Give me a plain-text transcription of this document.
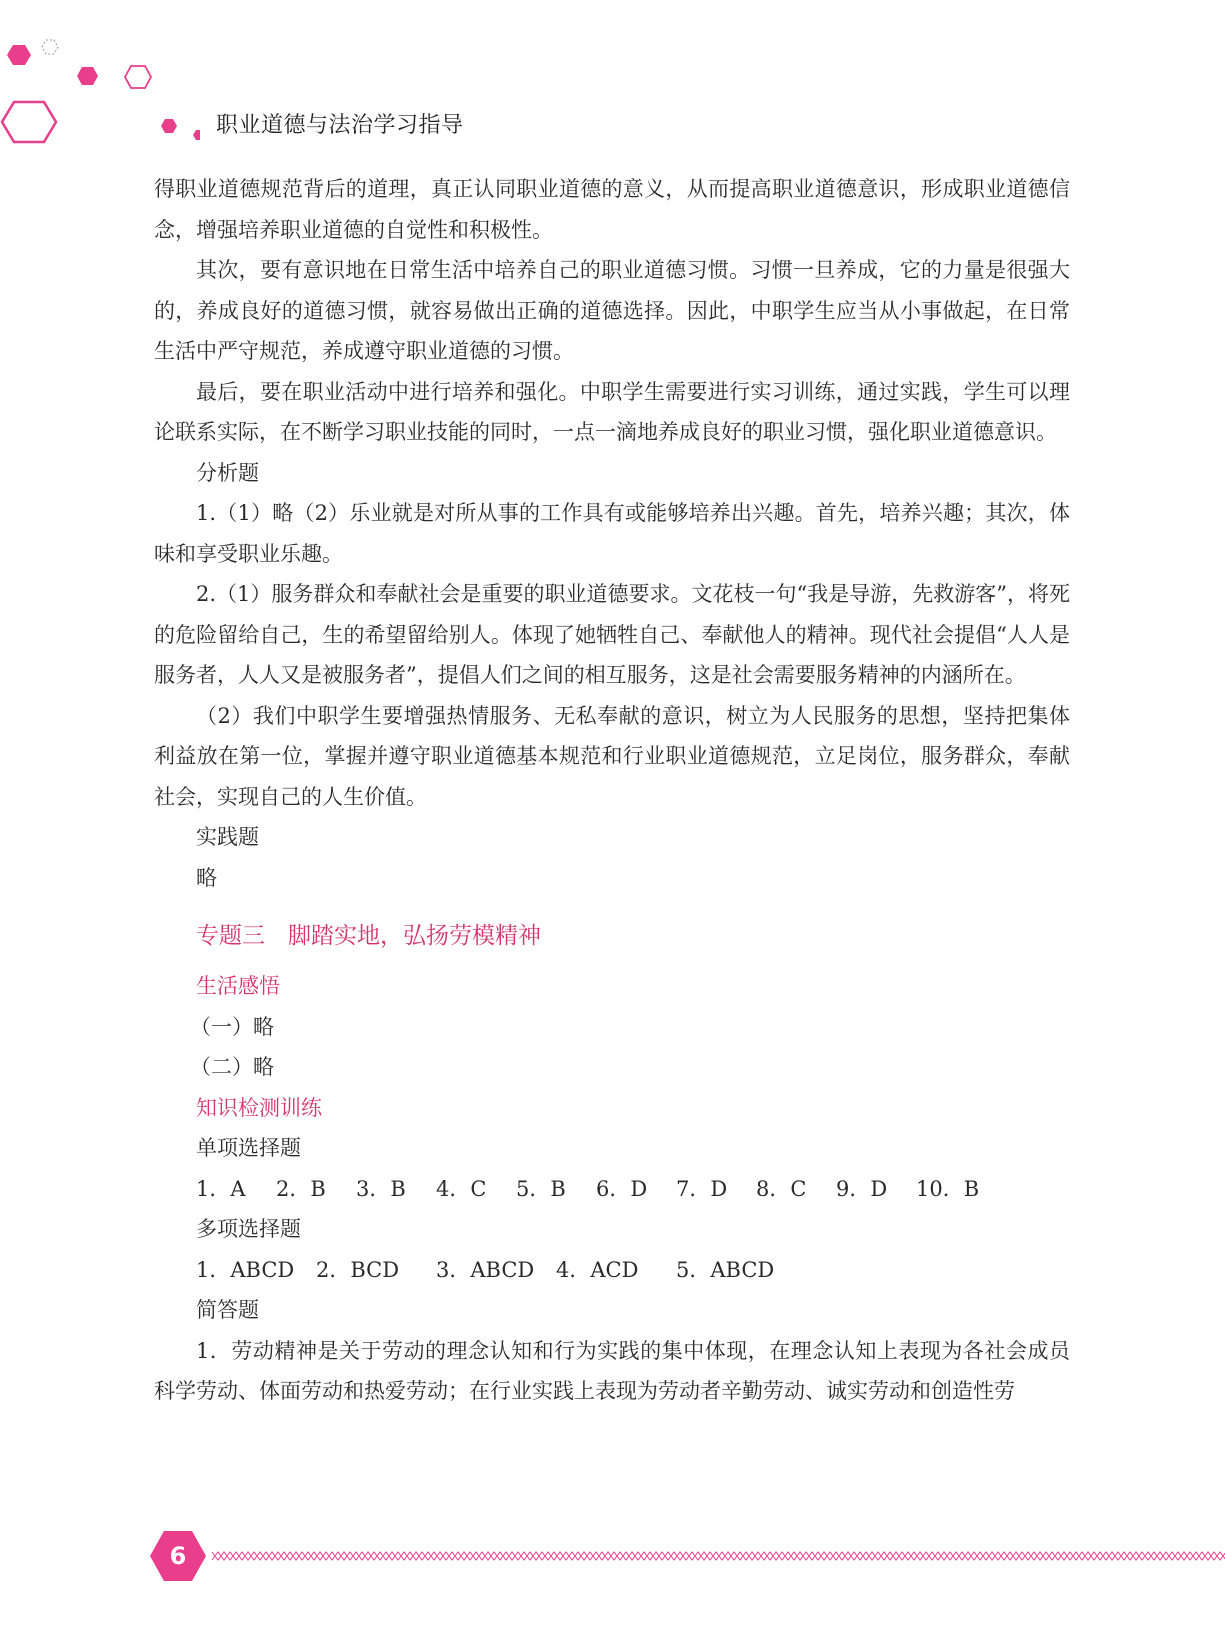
职业道德与法治学习指导

得职业道德规范背后的道理，真正认同职业道德的意义，从而提高职业道德意识，形成职业道德信念，增强培养职业道德的自觉性和积极性。

其次，要有意识地在日常生活中培养自己的职业道德习惯。习惯一旦养成，它的力量是很强大的，养成良好的道德习惯，就容易做出正确的道德选择。因此，中职学生应当从小事做起，在日常生活中严守规范，养成遵守职业道德的习惯。

最后，要在职业活动中进行培养和强化。中职学生需要进行实习训练，通过实践，学生可以理论联系实际，在不断学习职业技能的同时，一点一滴地养成良好的职业习惯，强化职业道德意识。

分析题

1.（1）略（2）乐业就是对所从事的工作具有或能够培养出兴趣。首先，培养兴趣；其次，体味和享受职业乐趣。

2.（1）服务群众和奉献社会是重要的职业道德要求。文花枝一句“我是导游，先救游客”，将死的危险留给自己，生的希望留给别人。体现了她牺牲自己、奉献他人的精神。现代社会提倡“人人是服务者，人人又是被服务者”，提倡人们之间的相互服务，这是社会需要服务精神的内涵所在。

（2）我们中职学生要增强热情服务、无私奉献的意识，树立为人民服务的思想，坚持把集体利益放在第一位，掌握并遵守职业道德基本规范和行业职业道德规范，立足岗位，服务群众，奉献社会，实现自己的人生价值。

实践题

略

专题三　脚踏实地，弘扬劳模精神

生活感悟

（一）略

（二）略

知识检测训练

单项选择题

1．A 2．B 3．B 4．C 5．B 6．D 7．D 8．C 9．D 10．B

多项选择题

1．ABCD 2．BCD 3．ABCD 4．ACD 5．ABCD

简答题

1．劳动精神是关于劳动的理念认知和行为实践的集中体现，在理念认知上表现为各社会成员科学劳动、体面劳动和热爱劳动；在行业实践上表现为劳动者辛勤劳动、诚实劳动和创造性劳

6
